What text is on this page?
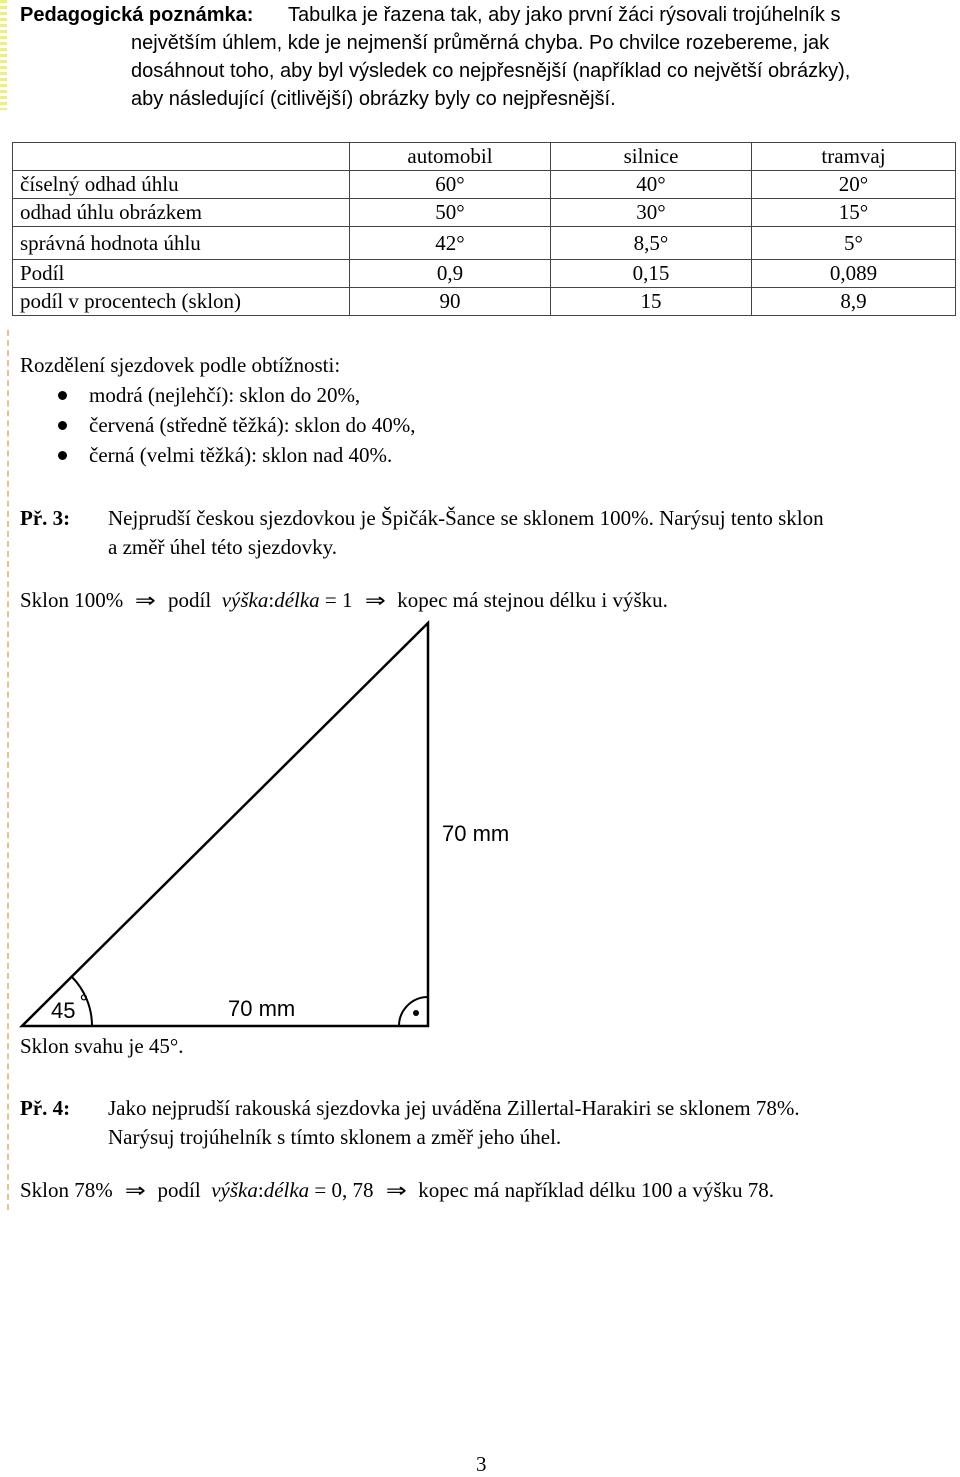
Pedagogická poznámka: Tabulka je řazena tak, aby jako první žáci rýsovali trojúhelník s
největším úhlem, kde je nejmenší průměrná chyba. Po chvilce rozebereme, jak
dosáhnout toho, aby byl výsledek co nejpřesnější (například co největší obrázky),
aby následující (citlivější) obrázky byly co nejpřesnější.
	automobil	silnice	tramvaj
číselný odhad úhlu	60°	40°	20°
odhad úhlu obrázkem	50°	30°	15°
správná hodnota úhlu	42°	8,5°	5°
Podíl	0,9	0,15	0,089
podíl v procentech (sklon)	90	15	8,9
Rozdělení sjezdovek podle obtížnosti:
modrá (nejlehčí): sklon do 20%,
červená (středně těžká): sklon do 40%,
černá (velmi těžká): sklon nad 40%.
Př. 3: Nejprudší českou sjezdovkou je Špičák-Šance se sklonem 100%. Narýsuj tento sklon
a změř úhel této sjezdovky.
Sklon 100% ⇒ podíl výška:délka = 1 ⇒ kopec má stejnou délku i výšku.
70 mm
70 mm
45 °
Sklon svahu je 45°.
Př. 4: Jako nejprudší rakouská sjezdovka jej uváděna Zillertal-Harakiri se sklonem 78%.
Narýsuj trojúhelník s tímto sklonem a změř jeho úhel.
Sklon 78% ⇒ podíl výška:délka = 0, 78 ⇒ kopec má například délku 100 a výšku 78.
3
